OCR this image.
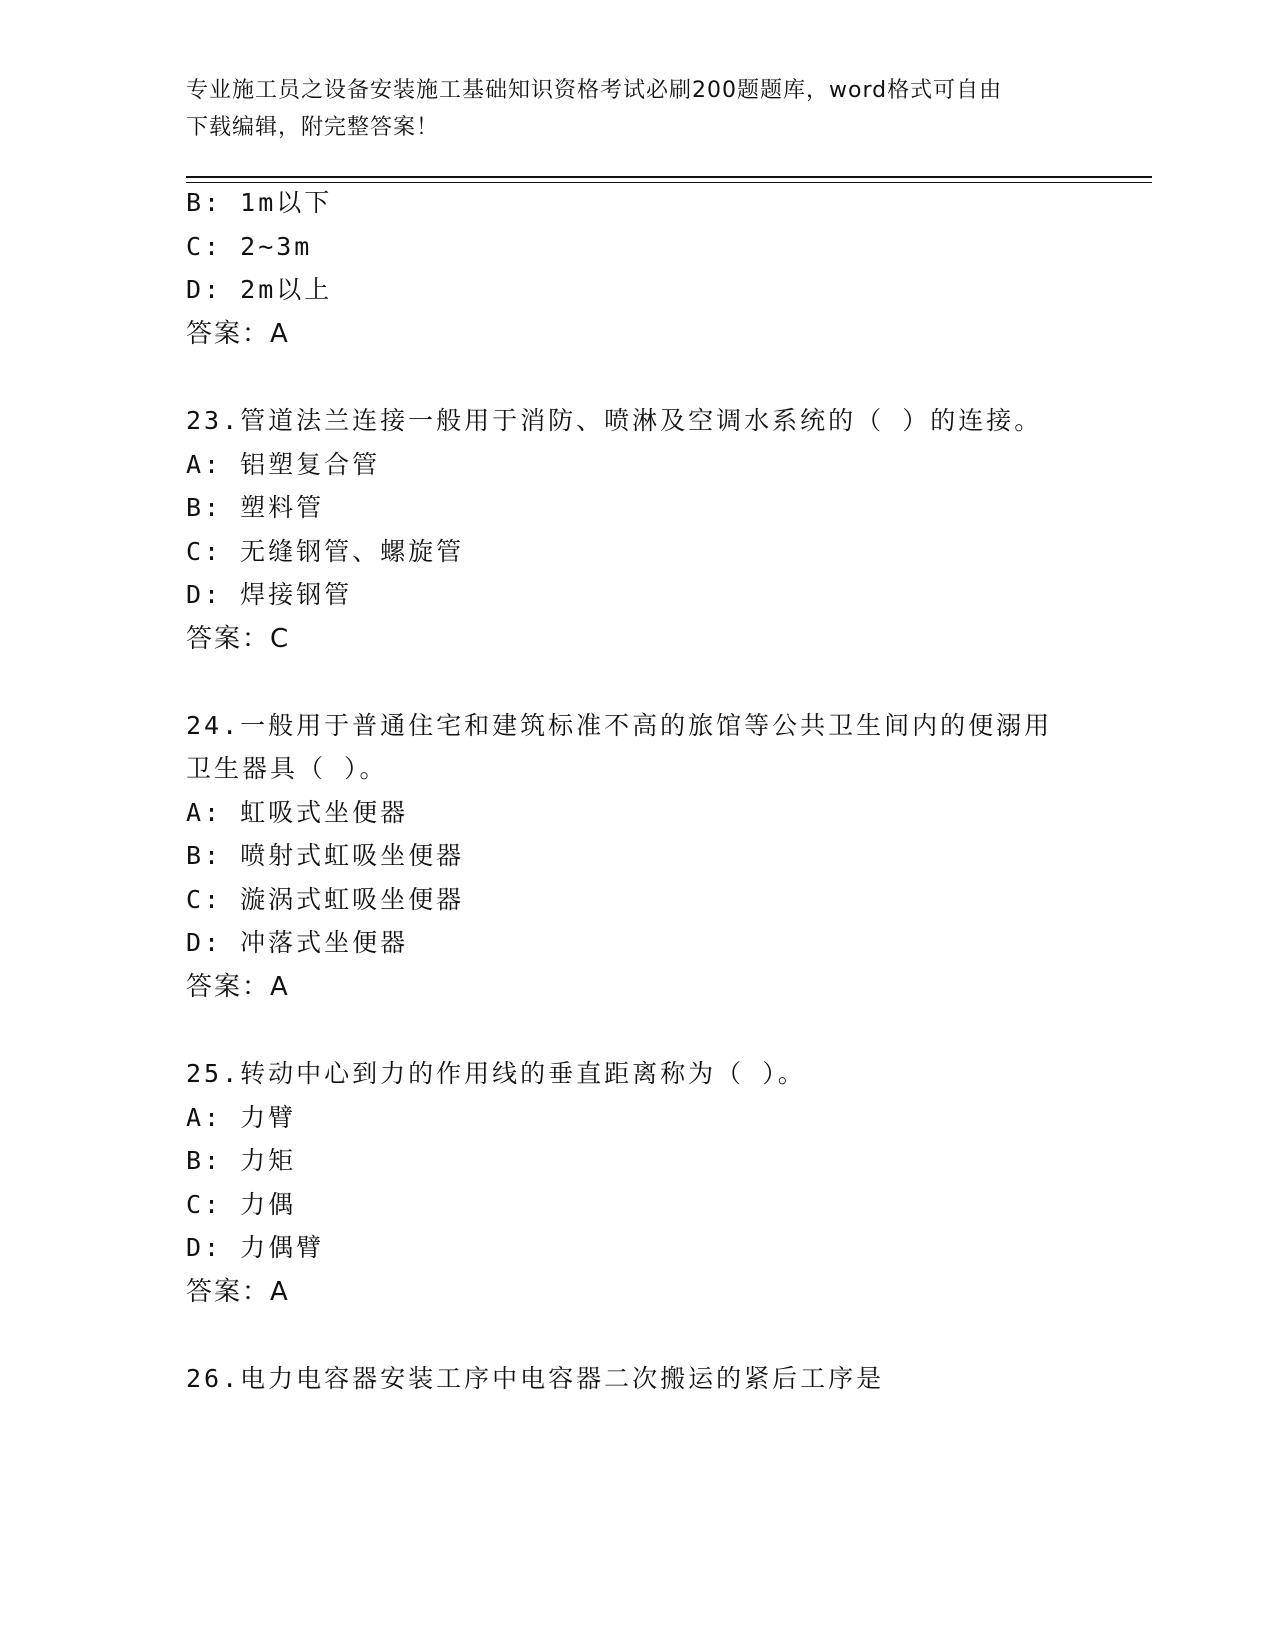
专业施工员之设备安装施工基础知识资格考试必刷200题题库，word格式可自由
下载编辑，附完整答案！
B: 1m以下
C: 2~3m
D: 2m以上
答案：A
23.管道法兰连接一般用于消防、喷淋及空调水系统的（ ）的连接。
A: 铝塑复合管
B: 塑料管
C: 无缝钢管、螺旋管
D: 焊接钢管
答案：C
24.一般用于普通住宅和建筑标准不高的旅馆等公共卫生间内的便溺用
卫生器具（ ）。
A: 虹吸式坐便器
B: 喷射式虹吸坐便器
C: 漩涡式虹吸坐便器
D: 冲落式坐便器
答案：A
25.转动中心到力的作用线的垂直距离称为（ ）。
A: 力臂
B: 力矩
C: 力偶
D: 力偶臂
答案：A
26.电力电容器安装工序中电容器二次搬运的紧后工序是
